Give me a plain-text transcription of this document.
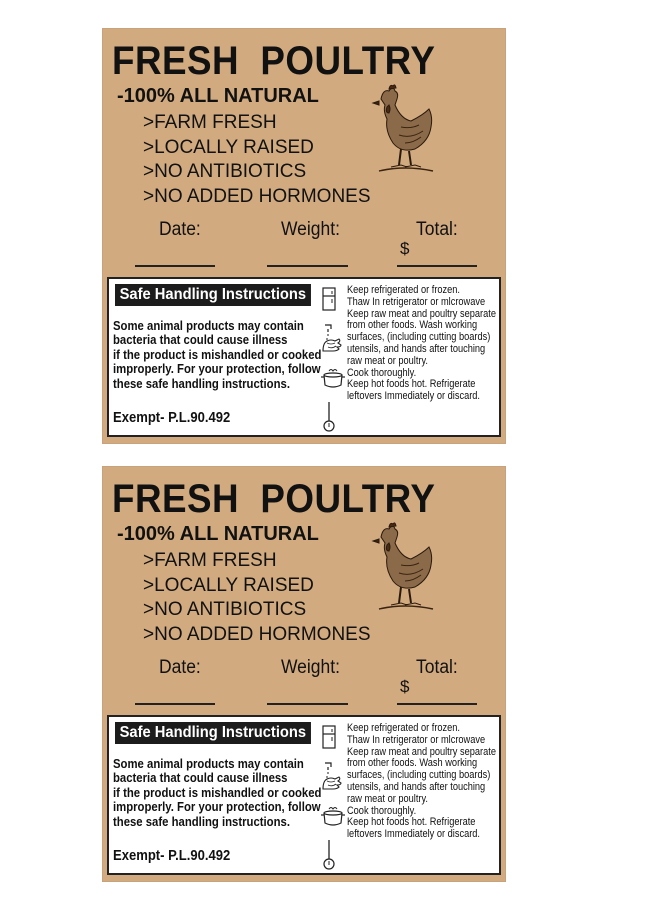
FRESH  POULTRY
-100% ALL NATURAL
>FARM FRESH
>LOCALLY RAISED
>NO ANTIBIOTICS
>NO ADDED HORMONES
Date:	Weight:	Total:
$
Safe Handling Instructions
Some animal products may contain
bacteria that could cause illness
if the product is mishandled or cooked
improperly. For your protection, follow
these safe handling instructions.
Exempt- P.L.90.492
Keep refrigerated or frozen.
Thaw In retrigerator or mlcrowave
Keep raw meat and poultry separate
from other foods. Wash working
surfaces, (including cutting boards)
utensils, and hands after touching
raw meat or poultry.
Cook thoroughly.
Keep hot foods hot. Refrigerate
leftovers Immediately or discard.
FRESH  POULTRY
-100% ALL NATURAL
>FARM FRESH
>LOCALLY RAISED
>NO ANTIBIOTICS
>NO ADDED HORMONES
Date:	Weight:	Total:
$
Safe Handling Instructions
Some animal products may contain
bacteria that could cause illness
if the product is mishandled or cooked
improperly. For your protection, follow
these safe handling instructions.
Exempt- P.L.90.492
Keep refrigerated or frozen.
Thaw In retrigerator or mlcrowave
Keep raw meat and poultry separate
from other foods. Wash working
surfaces, (including cutting boards)
utensils, and hands after touching
raw meat or poultry.
Cook thoroughly.
Keep hot foods hot. Refrigerate
leftovers Immediately or discard.
